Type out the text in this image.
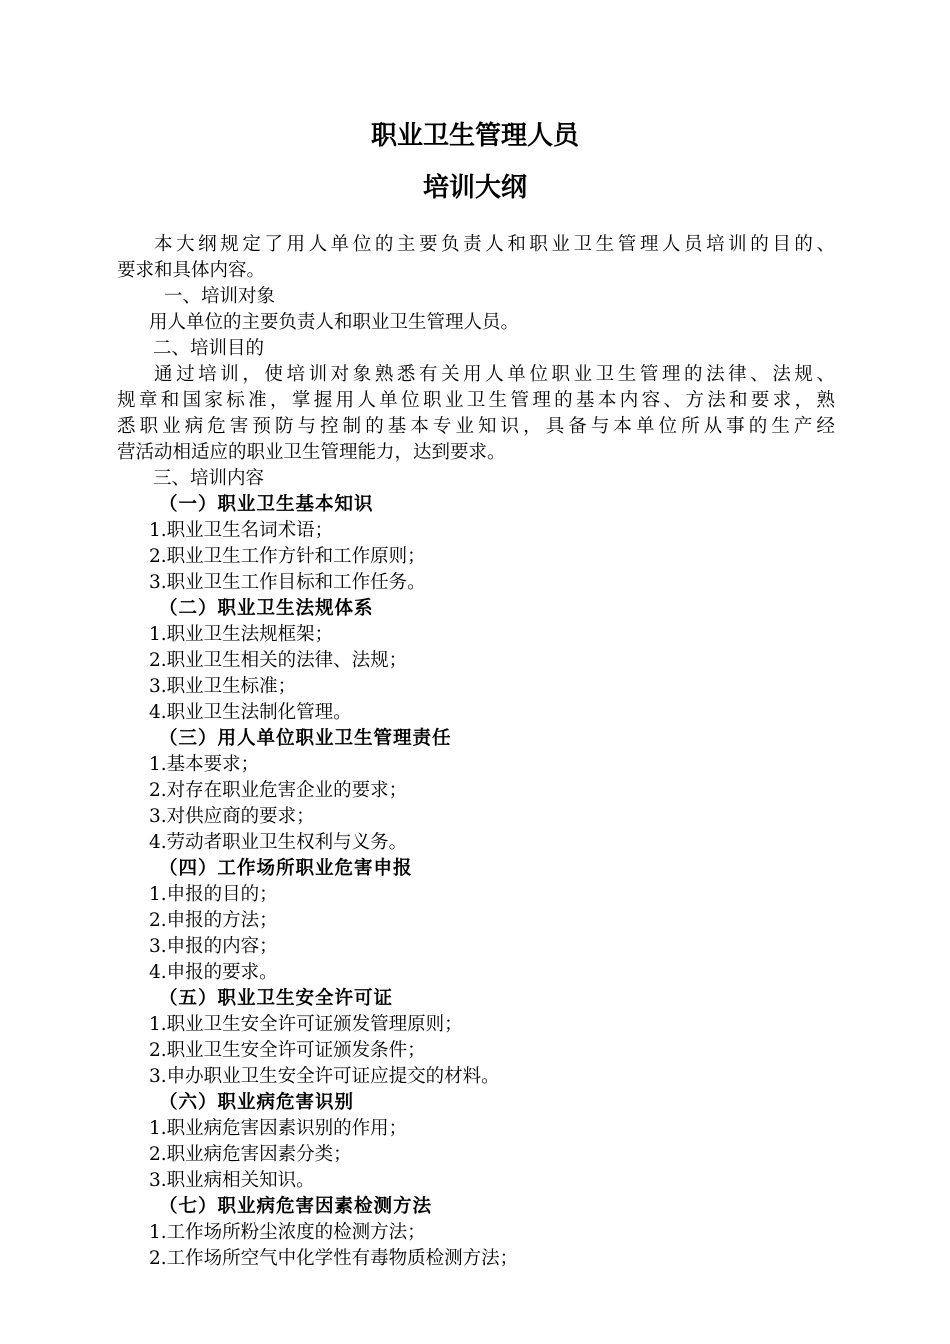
职业卫生管理人员
培训大纲

本大纲规定了用人单位的主要负责人和职业卫生管理人员培训的目的、

要求和具体内容。

一、培训对象

用人单位的主要负责人和职业卫生管理人员。

二、培训目的

通过培训，使培训对象熟悉有关用人单位职业卫生管理的法律、法规、

规章和国家标准，掌握用人单位职业卫生管理的基本内容、方法和要求，熟

悉职业病危害预防与控制的基本专业知识，具备与本单位所从事的生产经

营活动相适应的职业卫生管理能力，达到要求。

三、培训内容

（一）职业卫生基本知识

1.职业卫生名词术语；

2.职业卫生工作方针和工作原则；

3.职业卫生工作目标和工作任务。

（二）职业卫生法规体系

1.职业卫生法规框架；

2.职业卫生相关的法律、法规；

3.职业卫生标准；

4.职业卫生法制化管理。

（三）用人单位职业卫生管理责任

1.基本要求；

2.对存在职业危害企业的要求；

3.对供应商的要求；

4.劳动者职业卫生权利与义务。

（四）工作场所职业危害申报

1.申报的目的；

2.申报的方法；

3.申报的内容；

4.申报的要求。

（五）职业卫生安全许可证

1.职业卫生安全许可证颁发管理原则；

2.职业卫生安全许可证颁发条件；

3.申办职业卫生安全许可证应提交的材料。

（六）职业病危害识别

1.职业病危害因素识别的作用；

2.职业病危害因素分类；

3.职业病相关知识。

（七）职业病危害因素检测方法

1.工作场所粉尘浓度的检测方法；

2.工作场所空气中化学性有毒物质检测方法；
